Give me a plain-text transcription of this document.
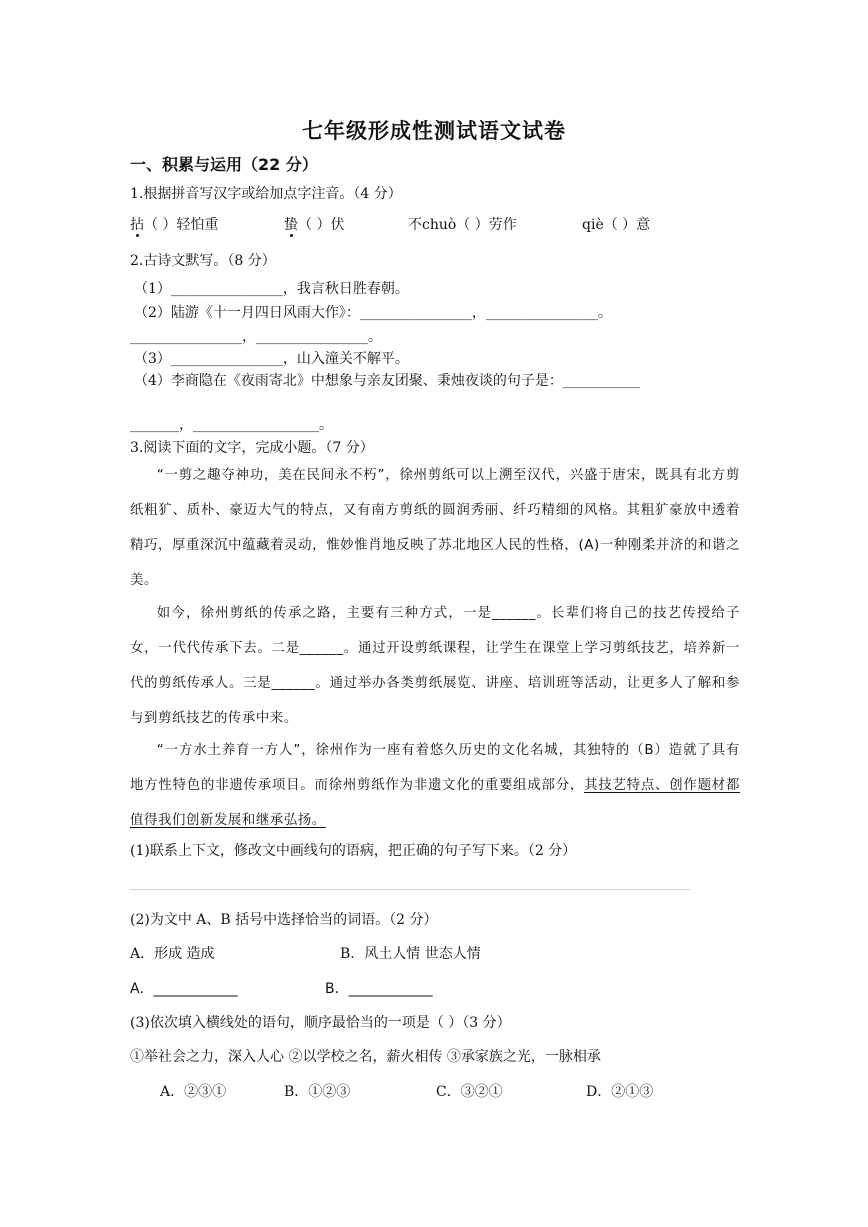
七年级形成性测试语文试卷
一、积累与运用（22 分）
1.根据拼音写汉字或给加点字注音。（4 分）
拈（ ）轻怕重	蛰（ ）伏	不chuò（ ）劳作	qiè（ ）意
2.古诗文默写。（8 分）
（1）________________，我言秋日胜春朝。
（2）陆游《十一月四日风雨大作》：________________，________________。
________________，________________。
（3）________________，山入潼关不解平。
（4）李商隐在《夜雨寄北》中想象与亲友团聚、秉烛夜谈的句子是：___________
_______，__________________。
3.阅读下面的文字，完成小题。（7 分）

“一剪之趣夺神功，美在民间永不朽”，徐州剪纸可以上溯至汉代，兴盛于唐宋，既具有北方剪纸粗犷、质朴、豪迈大气的特点，又有南方剪纸的圆润秀丽、纤巧精细的风格。其粗犷豪放中透着精巧，厚重深沉中蕴藏着灵动，惟妙惟肖地反映了苏北地区人民的性格，(A)一种刚柔并济的和谐之美。

如今，徐州剪纸的传承之路，主要有三种方式，一是______。长辈们将自己的技艺传授给子女，一代代传承下去。二是______。通过开设剪纸课程，让学生在课堂上学习剪纸技艺，培养新一代的剪纸传承人。三是______。通过举办各类剪纸展览、讲座、培训班等活动，让更多人了解和参与到剪纸技艺的传承中来。

“一方水土养育一方人”，徐州作为一座有着悠久历史的文化名城，其独特的（B）造就了具有地方性特色的非遗传承项目。而徐州剪纸作为非遗文化的重要组成部分，其技艺特点、创作题材都值得我们创新发展和继承弘扬。

(1)联系上下文，修改文中画线句的语病，把正确的句子写下来。（2 分）
(2)为文中 A、B 括号中选择恰当的词语。（2 分）
A．形成 造成	B．风土人情 世态人情
A．____________	B．____________
(3)依次填入横线处的语句，顺序最恰当的一项是（ ）（3 分）
①举社会之力，深入人心 ②以学校之名，薪火相传 ③承家族之光，一脉相承
A．②③①	B．①②③	C．③②①	D．②①③
